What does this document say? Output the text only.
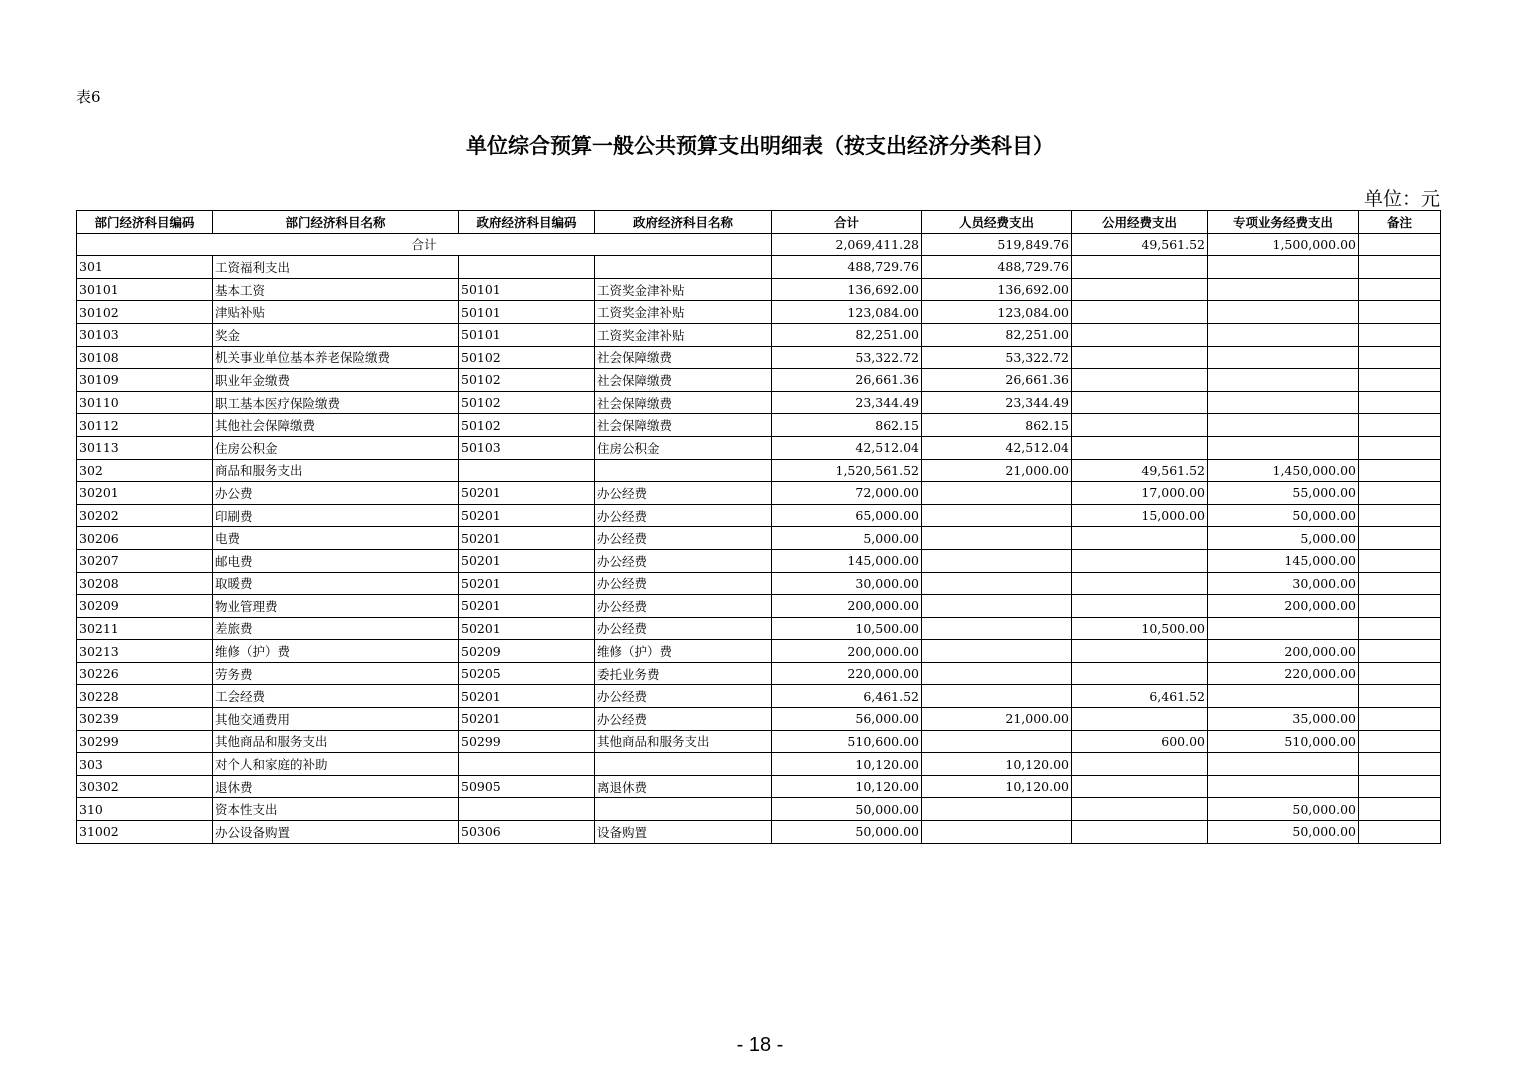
表6
单位综合预算一般公共预算支出明细表（按支出经济分类科目）
单位：元
部门经济科目编码	部门经济科目名称	政府经济科目编码	政府经济科目名称	合计	人员经费支出	公用经费支出	专项业务经费支出	备注
合计				2,069,411.28	519,849.76	49,561.52	1,500,000.00	
301	工资福利支出			488,729.76	488,729.76			
30101	基本工资	50101	工资奖金津补贴	136,692.00	136,692.00			
30102	津贴补贴	50101	工资奖金津补贴	123,084.00	123,084.00			
30103	奖金	50101	工资奖金津补贴	82,251.00	82,251.00			
30108	机关事业单位基本养老保险缴费	50102	社会保障缴费	53,322.72	53,322.72			
30109	职业年金缴费	50102	社会保障缴费	26,661.36	26,661.36			
30110	职工基本医疗保险缴费	50102	社会保障缴费	23,344.49	23,344.49			
30112	其他社会保障缴费	50102	社会保障缴费	862.15	862.15			
30113	住房公积金	50103	住房公积金	42,512.04	42,512.04			
302	商品和服务支出			1,520,561.52	21,000.00	49,561.52	1,450,000.00	
30201	办公费	50201	办公经费	72,000.00		17,000.00	55,000.00	
30202	印刷费	50201	办公经费	65,000.00		15,000.00	50,000.00	
30206	电费	50201	办公经费	5,000.00			5,000.00	
30207	邮电费	50201	办公经费	145,000.00			145,000.00	
30208	取暖费	50201	办公经费	30,000.00			30,000.00	
30209	物业管理费	50201	办公经费	200,000.00			200,000.00	
30211	差旅费	50201	办公经费	10,500.00		10,500.00		
30213	维修（护）费	50209	维修（护）费	200,000.00			200,000.00	
30226	劳务费	50205	委托业务费	220,000.00			220,000.00	
30228	工会经费	50201	办公经费	6,461.52		6,461.52		
30239	其他交通费用	50201	办公经费	56,000.00	21,000.00		35,000.00	
30299	其他商品和服务支出	50299	其他商品和服务支出	510,600.00		600.00	510,000.00	
303	对个人和家庭的补助			10,120.00	10,120.00			
30302	退休费	50905	离退休费	10,120.00	10,120.00			
310	资本性支出			50,000.00			50,000.00	
31002	办公设备购置	50306	设备购置	50,000.00			50,000.00	
- 18 -
